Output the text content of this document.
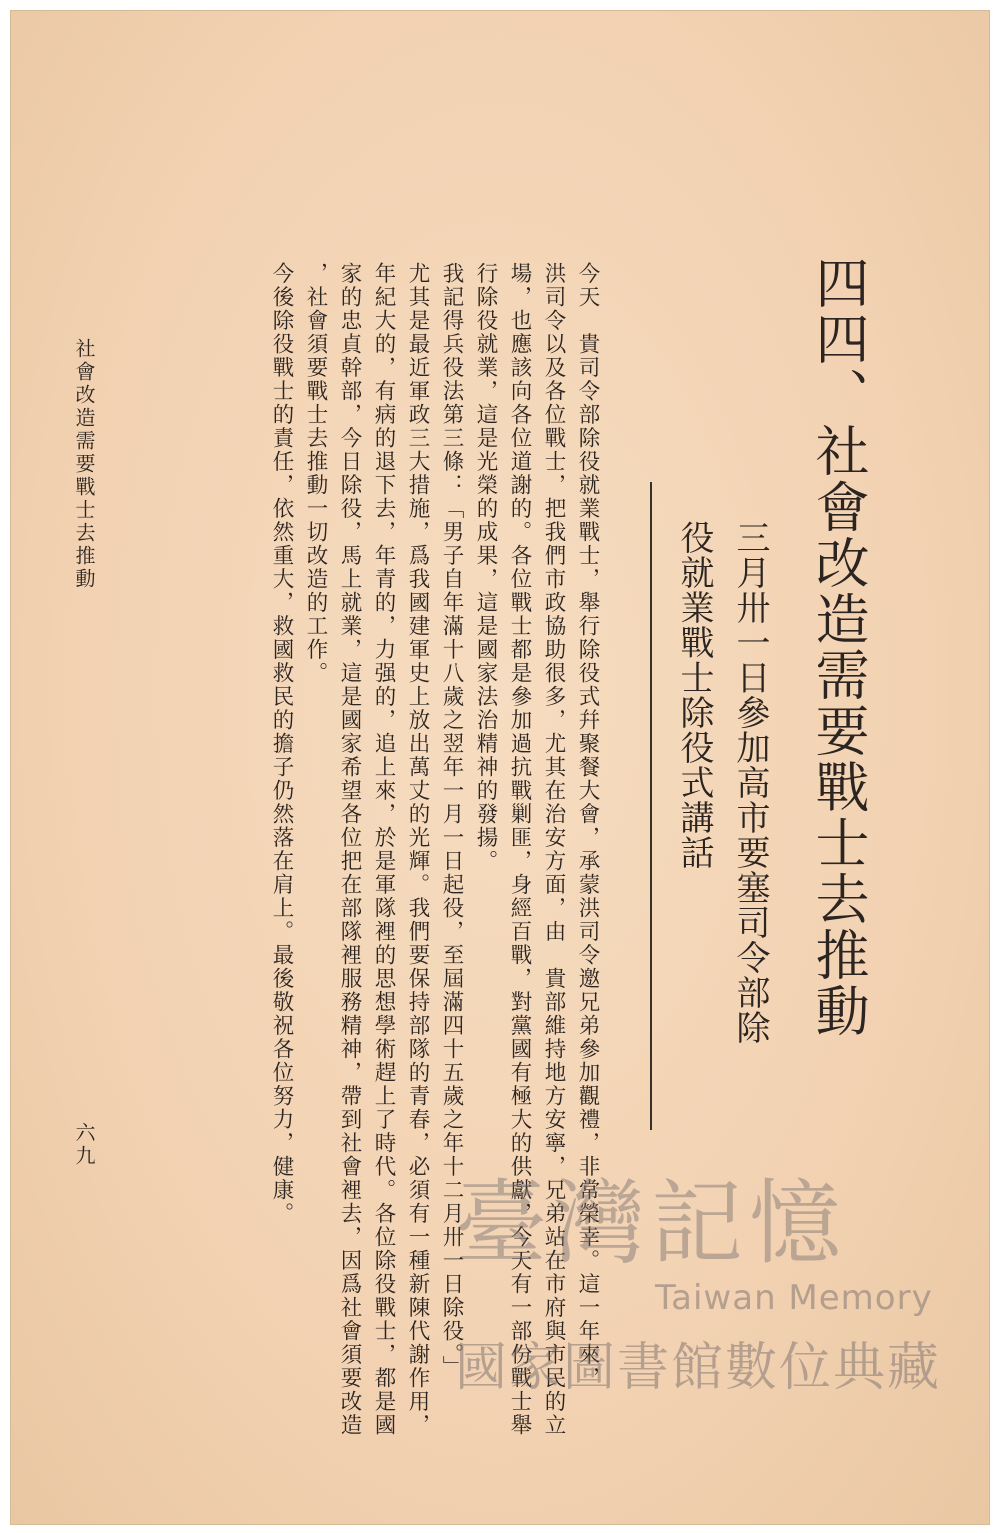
四四、社會改造需要戰士去推動
三月卅一日參加高市要塞司令部除
役就業戰士除役式講話
今天　貴司令部除役就業戰士，舉行除役式幷聚餐大會，承蒙洪司令邀兄弟參加觀禮，非常榮幸。這一年來，
洪司令以及各位戰士，把我們市政協助很多，尤其在治安方面，由　貴部維持地方安寧，兄弟站在市府與市民的立
場，也應該向各位道謝的。各位戰士都是參加過抗戰剿匪，身經百戰，對黨國有極大的供獻，今天有一部份戰士舉
行除役就業，這是光榮的成果，這是國家法治精神的發揚。
我記得兵役法第三條：「男子自年滿十八歲之翌年一月一日起役，至屆滿四十五歲之年十二月卅一日除役。」
尤其是最近軍政三大措施，爲我國建軍史上放出萬丈的光輝。我們要保持部隊的青春，必須有一種新陳代謝作用，
年紀大的，有病的退下去，年青的，力强的，追上來，於是軍隊裡的思想學術趕上了時代。各位除役戰士，都是國
家的忠貞幹部，今日除役，馬上就業，這是國家希望各位把在部隊裡服務精神，帶到社會裡去，因爲社會須要改造
，社會須要戰士去推動一切改造的工作。
今後除役戰士的責任，依然重大，救國救民的擔子仍然落在肩上。最後敬祝各位努力，健康。
社會改造需要戰士去推動
六九
臺灣記憶
Taiwan Memory
國家圖書館數位典藏
